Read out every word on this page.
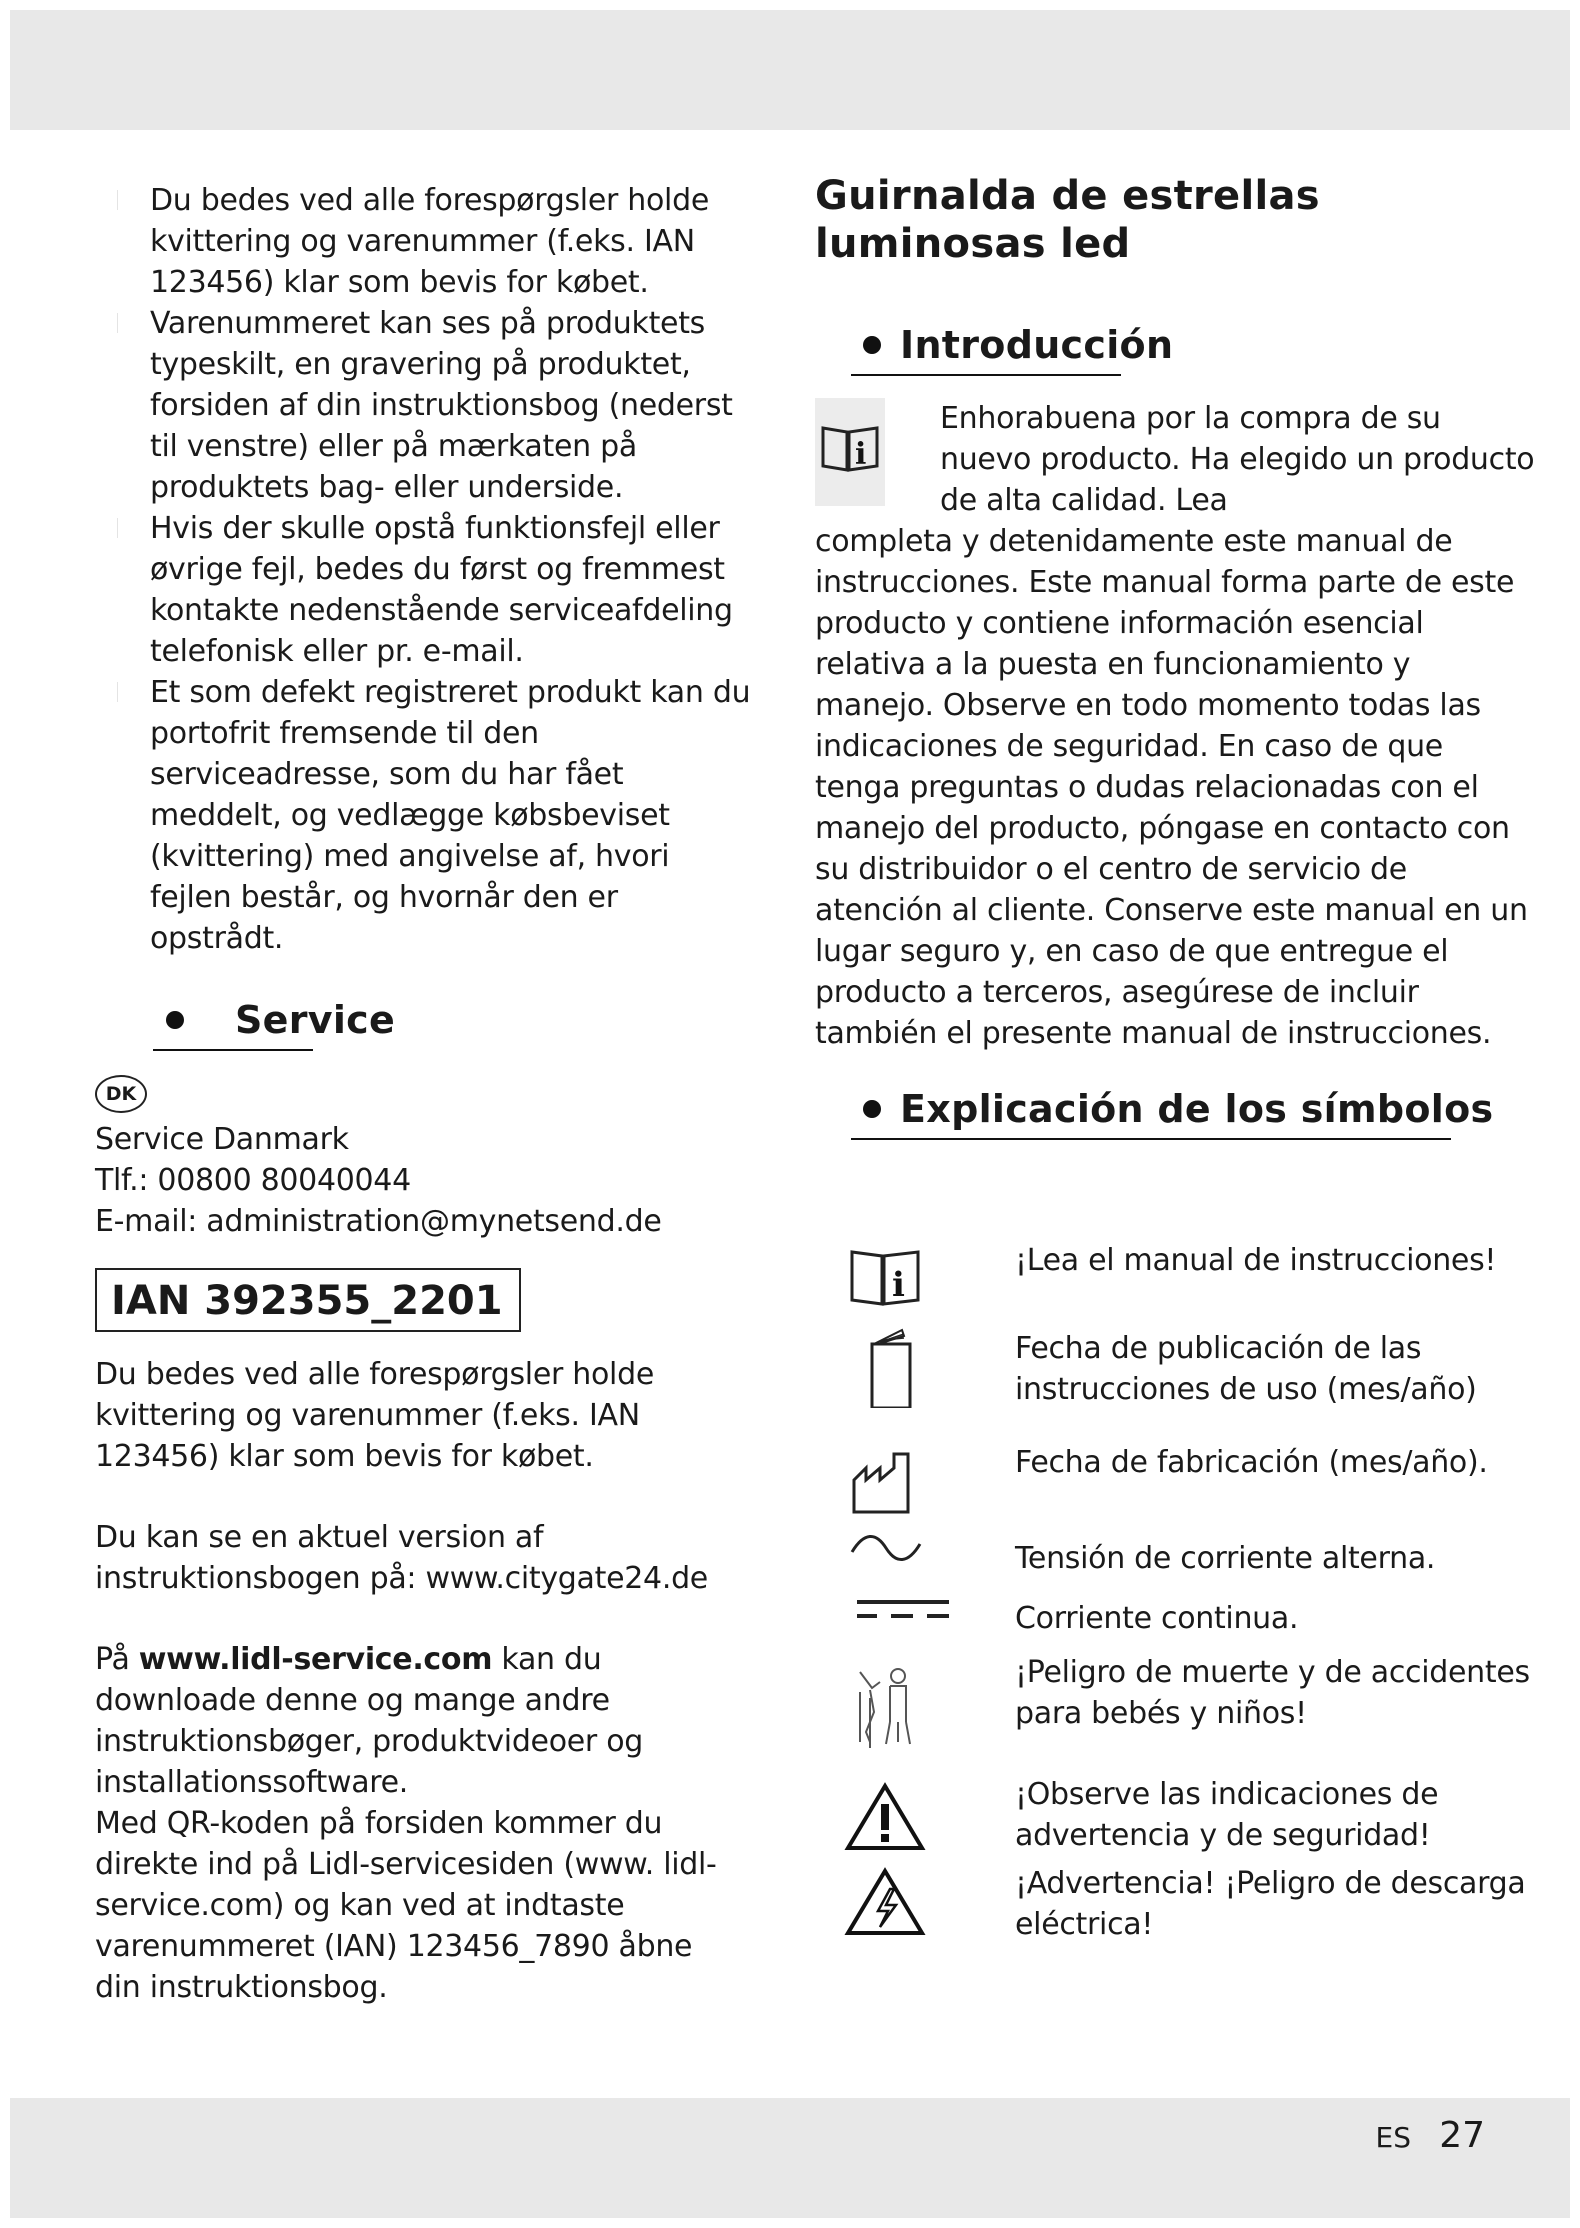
Du bedes ved alle forespørgsler holde kvittering og varenummer (f.eks. IAN 123456) klar som bevis for købet.
Varenummeret kan ses på produktets typeskilt, en gravering på produktet, forsiden af din instruktionsbog (nederst til venstre) eller på mærkaten på produktets bag- eller underside.
Hvis der skulle opstå funktionsfejl eller øvrige fejl, bedes du først og fremmest kontakte nedenstående serviceafdeling telefonisk eller pr. e-mail.
Et som defekt registreret produkt kan du portofrit fremsende til den serviceadresse, som du har fået meddelt, og vedlægge købsbeviset (kvittering) med angivelse af, hvori fejlen består, og hvornår den er opstrådt.
Service
DK
Service Danmark
Tlf.: 00800 80040044
E-mail: administration@mynetsend.de
IAN 392355_2201
Du bedes ved alle forespørgsler holde kvittering og varenummer (f.eks. IAN 123456) klar som bevis for købet.
Du kan se en aktuel version af instruktionsbogen på: www.citygate24.de
På www.lidl-service.com kan du downloade denne og mange andre instruktionsbøger, produktvideoer og installationssoftware.
Med QR-koden på forsiden kommer du direkte ind på Lidl-servicesiden (www. lidl-service.com) og kan ved at indtaste varenummeret (IAN) 123456_7890 åbne din instruktionsbog.
Guirnalda de estrellas luminosas led
Introducción
i
Enhorabuena por la compra de su nuevo producto. Ha elegido un producto de alta calidad. Lea
completa y detenidamente este manual de instrucciones. Este manual forma parte de este producto y contiene información esencial relativa a la puesta en funcionamiento y manejo. Observe en todo momento todas las indicaciones de seguridad. En caso de que tenga preguntas o dudas relacionadas con el manejo del producto, póngase en contacto con su distribuidor o el centro de servicio de atención al cliente. Conserve este manual en un lugar seguro y, en caso de que entregue el producto a terceros, asegúrese de incluir también el presente manual de instrucciones.
Explicación de los símbolos
i
¡Lea el manual de instrucciones!
Fecha de publicación de las instrucciones de uso (mes/año)
Fecha de fabricación (mes/año).
Tensión de corriente alterna.
Corriente continua.
¡Peligro de muerte y de accidentes para bebés y niños!
¡Observe las indicaciones de advertencia y de seguridad!
¡Advertencia! ¡Peligro de descarga eléctrica!
ES 27
